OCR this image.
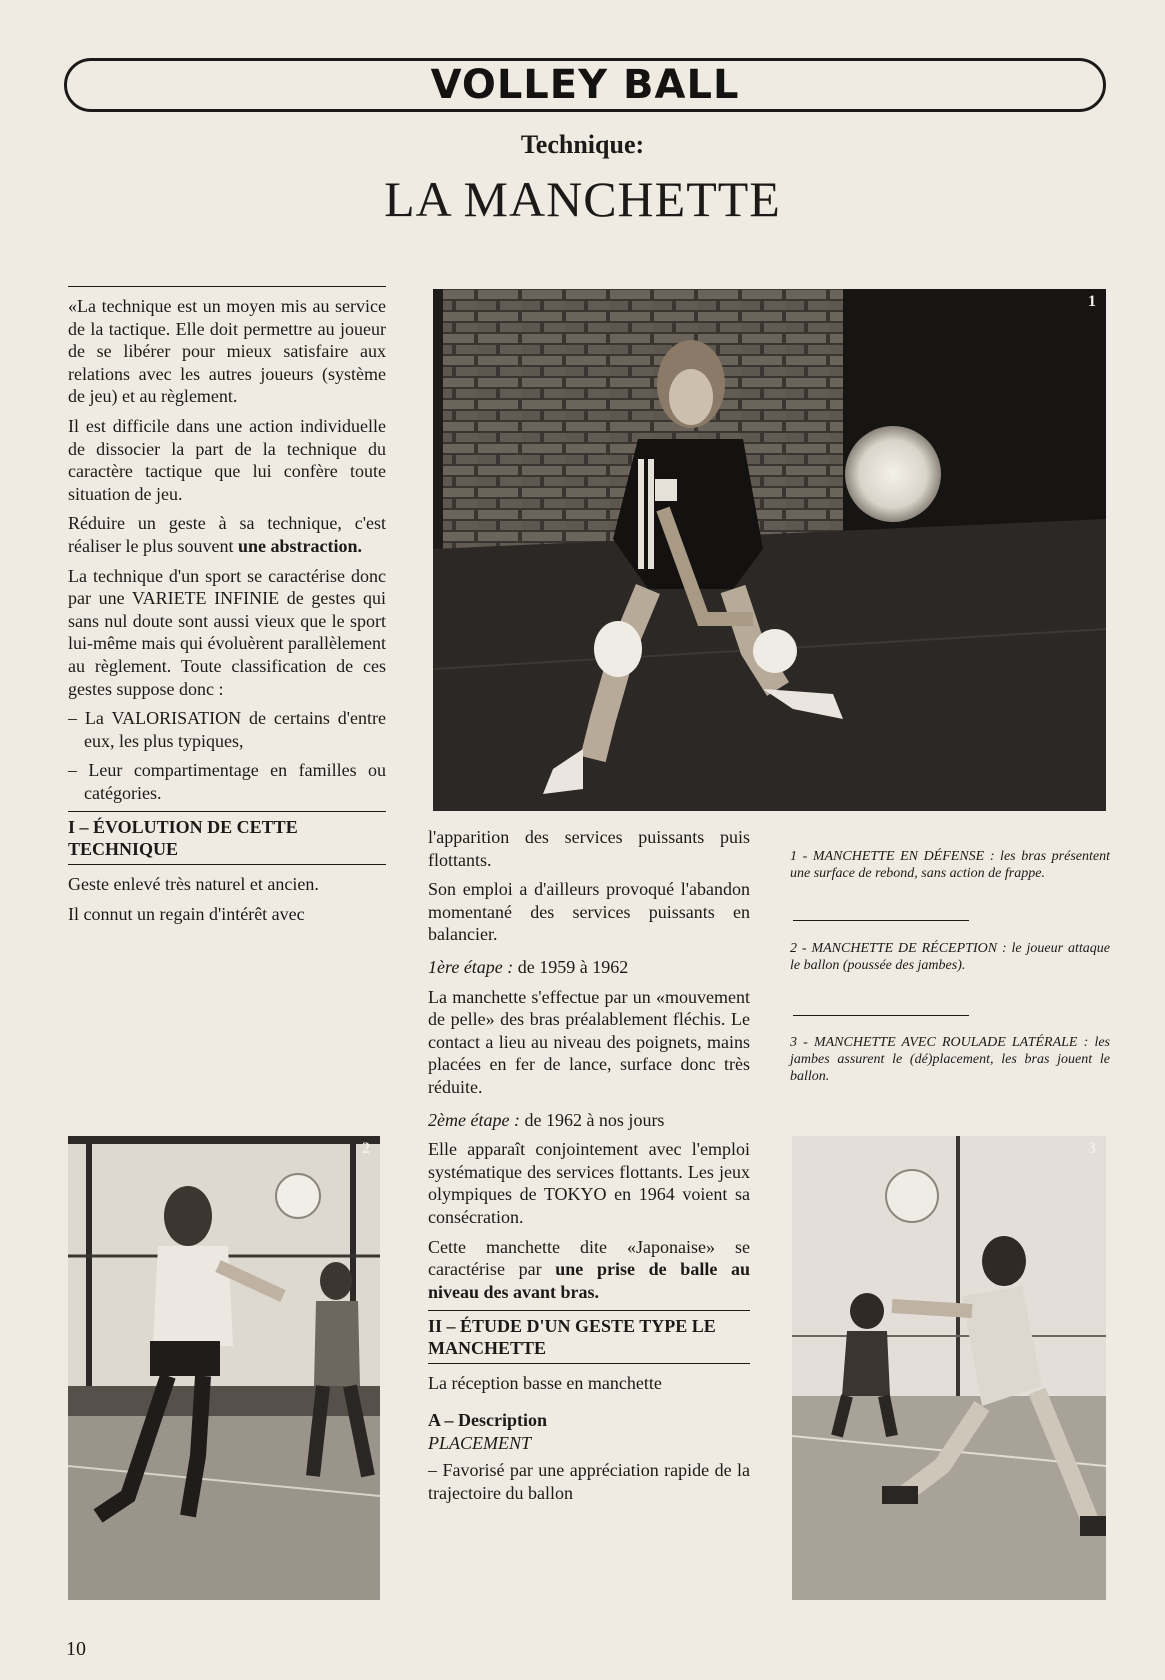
VOLLEY BALL
Technique:
LA MANCHETTE

«La technique est un moyen mis au service de la tactique. Elle doit permettre au joueur de se libérer pour mieux satisfaire aux relations avec les autres joueurs (système de jeu) et au règlement.

Il est difficile dans une action individuelle de dissocier la part de la technique du caractère tactique que lui confère toute situation de jeu.

Réduire un geste à sa technique, c'est réaliser le plus souvent une abstraction.

La technique d'un sport se caractérise donc par une VARIETE INFINIE de gestes qui sans nul doute sont aussi vieux que le sport lui-même mais qui évoluèrent parallèlement au règlement. Toute classification de ces gestes suppose donc :

– La VALORISATION de certains d'entre eux, les plus typiques,

– Leur compartimentage en familles ou catégories.

I – ÉVOLUTION DE CETTE TECHNIQUE

Geste enlevé très naturel et ancien.

Il connut un regain d'intérêt avec

1

l'apparition des services puissants puis flottants.

Son emploi a d'ailleurs provoqué l'abandon momentané des services puissants en balancier.

1ère étape : de 1959 à 1962

La manchette s'effectue par un «mouvement de pelle» des bras préalablement fléchis. Le contact a lieu au niveau des poignets, mains placées en fer de lance, surface donc très réduite.

2ème étape : de 1962 à nos jours

Elle apparaît conjointement avec l'emploi systématique des services flottants. Les jeux olympiques de TOKYO en 1964 voient sa consécration.

Cette manchette dite «Japonaise» se caractérise par une prise de balle au niveau des avant bras.

II – ÉTUDE D'UN GESTE TYPE LE MANCHETTE

La réception basse en manchette

A – Description

PLACEMENT

– Favorisé par une appréciation rapide de la trajectoire du ballon

1 - MANCHETTE EN DÉFENSE : les bras présentent une surface de rebond, sans action de frappe.
2 - MANCHETTE DE RÉCEPTION : le joueur attaque le ballon (poussée des jambes).
3 - MANCHETTE AVEC ROULADE LATÉRALE : les jambes assurent le (dé)placement, les bras jouent le ballon.
2	3
10
